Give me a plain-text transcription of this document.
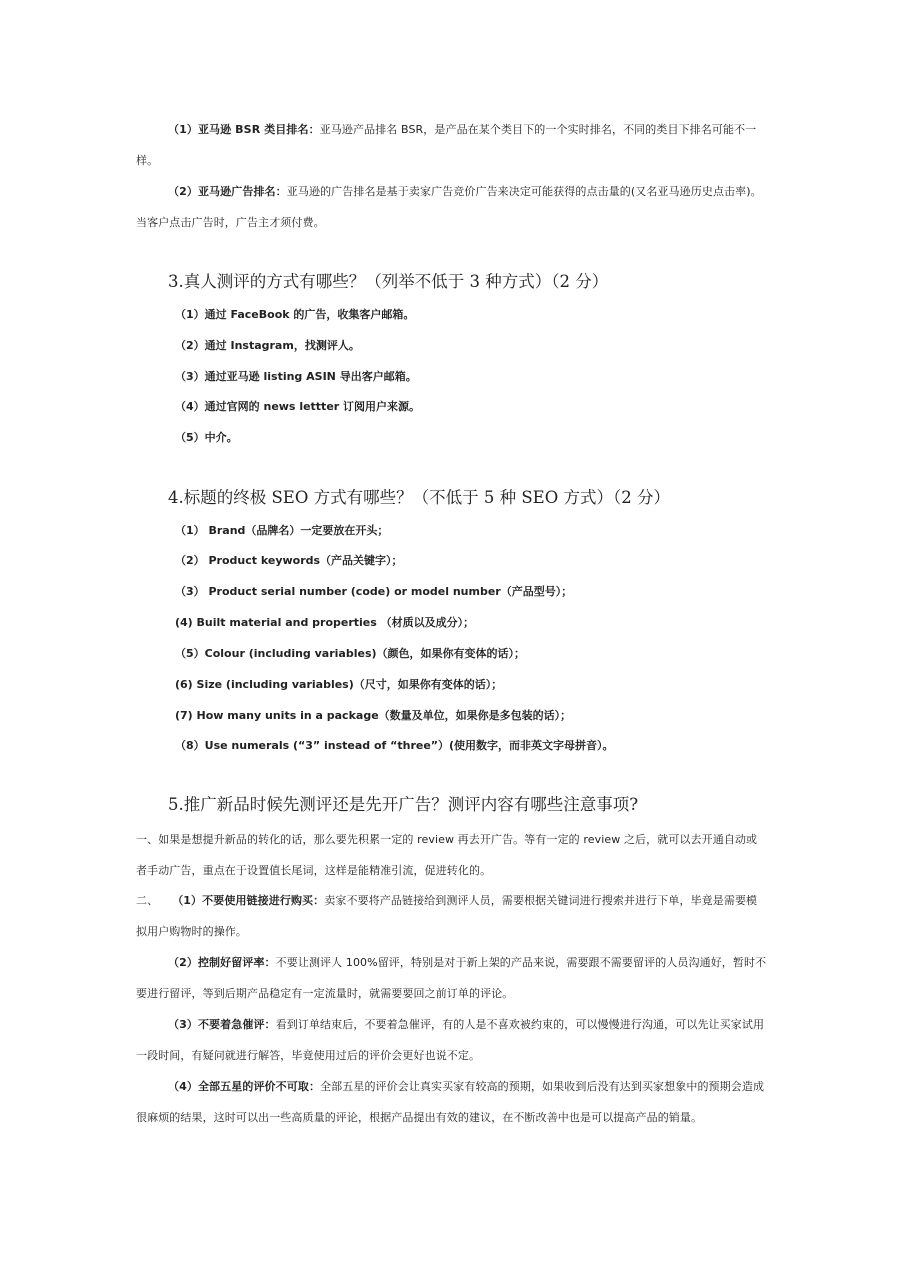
（1）亚马逊 BSR 类目排名：亚马逊产品排名 BSR，是产品在某个类目下的一个实时排名，不同的类目下排名可能不一样。

（2）亚马逊广告排名：亚马逊的广告排名是基于卖家广告竞价广告来决定可能获得的点击量的(又名亚马逊历史点击率)。当客户点击广告时，广告主才须付费。

3.真人测评的方式有哪些？（列举不低于 3 种方式）（2 分）

（1）通过 FaceBook 的广告，收集客户邮箱。

（2）通过 Instagram，找测评人。

（3）通过亚马逊 listing ASIN 导出客户邮箱。

（4）通过官网的 news lettter 订阅用户来源。

（5）中介。

4.标题的终极 SEO 方式有哪些？（不低于 5 种 SEO 方式）（2 分）

（1） Brand（品牌名）一定要放在开头；

（2） Product keywords（产品关键字）；

（3） Product serial number (code) or model number（产品型号）；

(4) Built material and properties （材质以及成分）；

（5）Colour (including variables)（颜色，如果你有变体的话）；

(6) Size (including variables)（尺寸，如果你有变体的话）；

(7) How many units in a package（数量及单位，如果你是多包装的话）；

（8）Use numerals (“3” instead of “three”）(使用数字，而非英文字母拼音）。

5.推广新品时候先测评还是先开广告？测评内容有哪些注意事项?

一、如果是想提升新品的转化的话，那么要先积累一定的 review 再去开广告。等有一定的 review 之后，就可以去开通自动或者手动广告，重点在于设置值长尾词，这样是能精准引流，促进转化的。

二、 （1）不要使用链接进行购买：卖家不要将产品链接给到测评人员，需要根据关键词进行搜索并进行下单，毕竟是需要模拟用户购物时的操作。

（2）控制好留评率：不要让测评人 100%留评，特别是对于新上架的产品来说，需要跟不需要留评的人员沟通好，暂时不要进行留评，等到后期产品稳定有一定流量时，就需要要回之前订单的评论。

（3）不要着急催评：看到订单结束后，不要着急催评，有的人是不喜欢被约束的，可以慢慢进行沟通，可以先让买家试用一段时间，有疑问就进行解答，毕竟使用过后的评价会更好也说不定。

（4）全部五星的评价不可取：全部五星的评价会让真实买家有较高的预期，如果收到后没有达到买家想象中的预期会造成很麻烦的结果，这时可以出一些高质量的评论，根据产品提出有效的建议，在不断改善中也是可以提高产品的销量。
